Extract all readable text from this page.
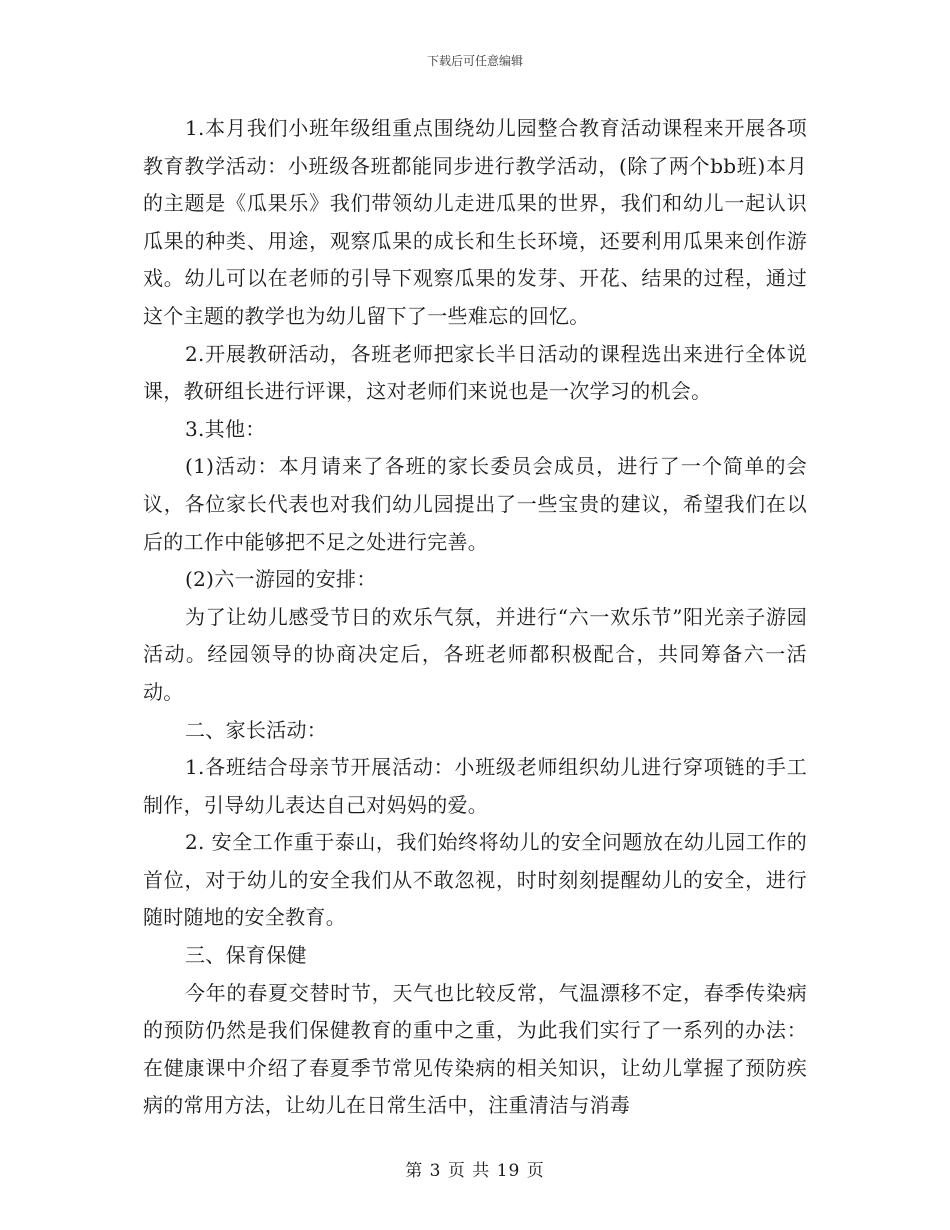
下载后可任意编辑

1.本月我们小班年级组重点围绕幼儿园整合教育活动课程来开展各项教育教学活动：小班级各班都能同步进行教学活动，(除了两个bb班)本月的主题是《瓜果乐》我们带领幼儿走进瓜果的世界，我们和幼儿一起认识瓜果的种类、用途，观察瓜果的成长和生长环境，还要利用瓜果来创作游戏。幼儿可以在老师的引导下观察瓜果的发芽、开花、结果的过程，通过这个主题的教学也为幼儿留下了一些难忘的回忆。

2.开展教研活动，各班老师把家长半日活动的课程选出来进行全体说课，教研组长进行评课，这对老师们来说也是一次学习的机会。

3.其他：

(1)活动：本月请来了各班的家长委员会成员，进行了一个简单的会议，各位家长代表也对我们幼儿园提出了一些宝贵的建议，希望我们在以后的工作中能够把不足之处进行完善。

(2)六一游园的安排：

为了让幼儿感受节日的欢乐气氛，并进行“六一欢乐节”阳光亲子游园活动。经园领导的协商决定后，各班老师都积极配合，共同筹备六一活动。

二、家长活动：

1.各班结合母亲节开展活动：小班级老师组织幼儿进行穿项链的手工制作，引导幼儿表达自己对妈妈的爱。

2. 安全工作重于泰山，我们始终将幼儿的安全问题放在幼儿园工作的首位，对于幼儿的安全我们从不敢忽视，时时刻刻提醒幼儿的安全，进行随时随地的安全教育。

三、保育保健

今年的春夏交替时节，天气也比较反常，气温漂移不定，春季传染病的预防仍然是我们保健教育的重中之重，为此我们实行了一系列的办法：在健康课中介绍了春夏季节常见传染病的相关知识，让幼儿掌握了预防疾病的常用方法，让幼儿在日常生活中，注重清洁与消毒

第 3 页 共 19 页
